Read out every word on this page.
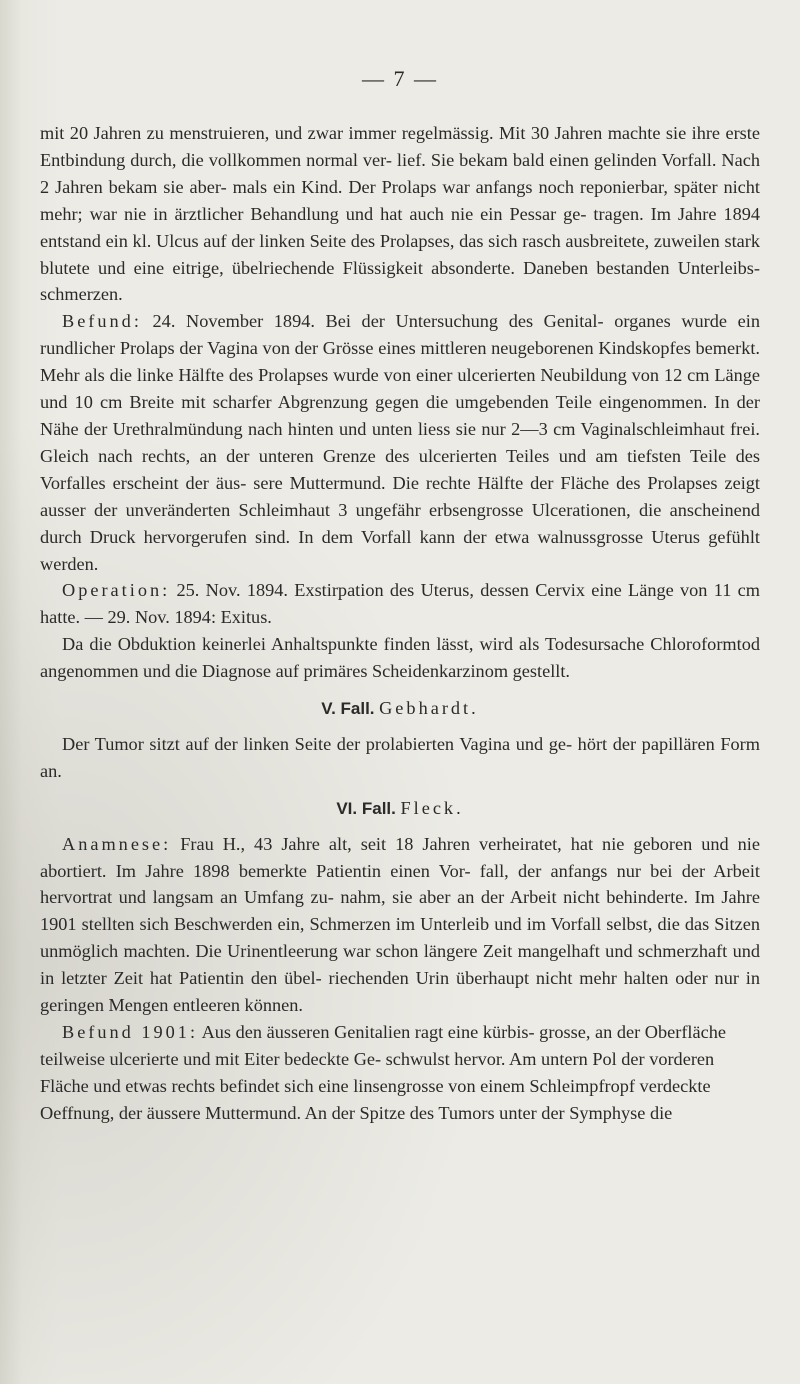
— 7 —

mit 20 Jahren zu menstruieren, und zwar immer regelmässig. Mit 30 Jahren machte sie ihre erste Entbindung durch, die vollkommen normal ver- lief. Sie bekam bald einen gelinden Vorfall. Nach 2 Jahren bekam sie aber- mals ein Kind. Der Prolaps war anfangs noch reponierbar, später nicht mehr; war nie in ärztlicher Behandlung und hat auch nie ein Pessar ge- tragen. Im Jahre 1894 entstand ein kl. Ulcus auf der linken Seite des Prolapses, das sich rasch ausbreitete, zuweilen stark blutete und eine eitrige, übelriechende Flüssigkeit absonderte. Daneben bestanden Unterleibs- schmerzen.

Befund: 24. November 1894. Bei der Untersuchung des Genital- organes wurde ein rundlicher Prolaps der Vagina von der Grösse eines mittleren neugeborenen Kindskopfes bemerkt. Mehr als die linke Hälfte des Prolapses wurde von einer ulcerierten Neubildung von 12 cm Länge und 10 cm Breite mit scharfer Abgrenzung gegen die umgebenden Teile eingenommen. In der Nähe der Urethralmündung nach hinten und unten liess sie nur 2—3 cm Vaginalschleimhaut frei. Gleich nach rechts, an der unteren Grenze des ulcerierten Teiles und am tiefsten Teile des Vorfalles erscheint der äus- sere Muttermund. Die rechte Hälfte der Fläche des Prolapses zeigt ausser der unveränderten Schleimhaut 3 ungefähr erbsengrosse Ulcerationen, die anscheinend durch Druck hervorgerufen sind. In dem Vorfall kann der etwa walnussgrosse Uterus gefühlt werden.

Operation: 25. Nov. 1894. Exstirpation des Uterus, dessen Cervix eine Länge von 11 cm hatte. — 29. Nov. 1894: Exitus.

Da die Obduktion keinerlei Anhaltspunkte finden lässt, wird als Todesursache Chloroformtod angenommen und die Diagnose auf primäres Scheidenkarzinom gestellt.

V. Fall. Gebhardt.

Der Tumor sitzt auf der linken Seite der prolabierten Vagina und ge- hört der papillären Form an.

VI. Fall. Fleck.

Anamnese: Frau H., 43 Jahre alt, seit 18 Jahren verheiratet, hat nie geboren und nie abortiert. Im Jahre 1898 bemerkte Patientin einen Vor- fall, der anfangs nur bei der Arbeit hervortrat und langsam an Umfang zu- nahm, sie aber an der Arbeit nicht behinderte. Im Jahre 1901 stellten sich Beschwerden ein, Schmerzen im Unterleib und im Vorfall selbst, die das Sitzen unmöglich machten. Die Urinentleerung war schon längere Zeit mangelhaft und schmerzhaft und in letzter Zeit hat Patientin den übel- riechenden Urin überhaupt nicht mehr halten oder nur in geringen Mengen entleeren können.

Befund 1901: Aus den äusseren Genitalien ragt eine kürbis- grosse, an der Oberfläche teilweise ulcerierte und mit Eiter bedeckte Ge- schwulst hervor. Am untern Pol der vorderen Fläche und etwas rechts befindet sich eine linsengrosse von einem Schleimpfropf verdeckte Oeffnung, der äussere Muttermund. An der Spitze des Tumors unter der Symphyse die
